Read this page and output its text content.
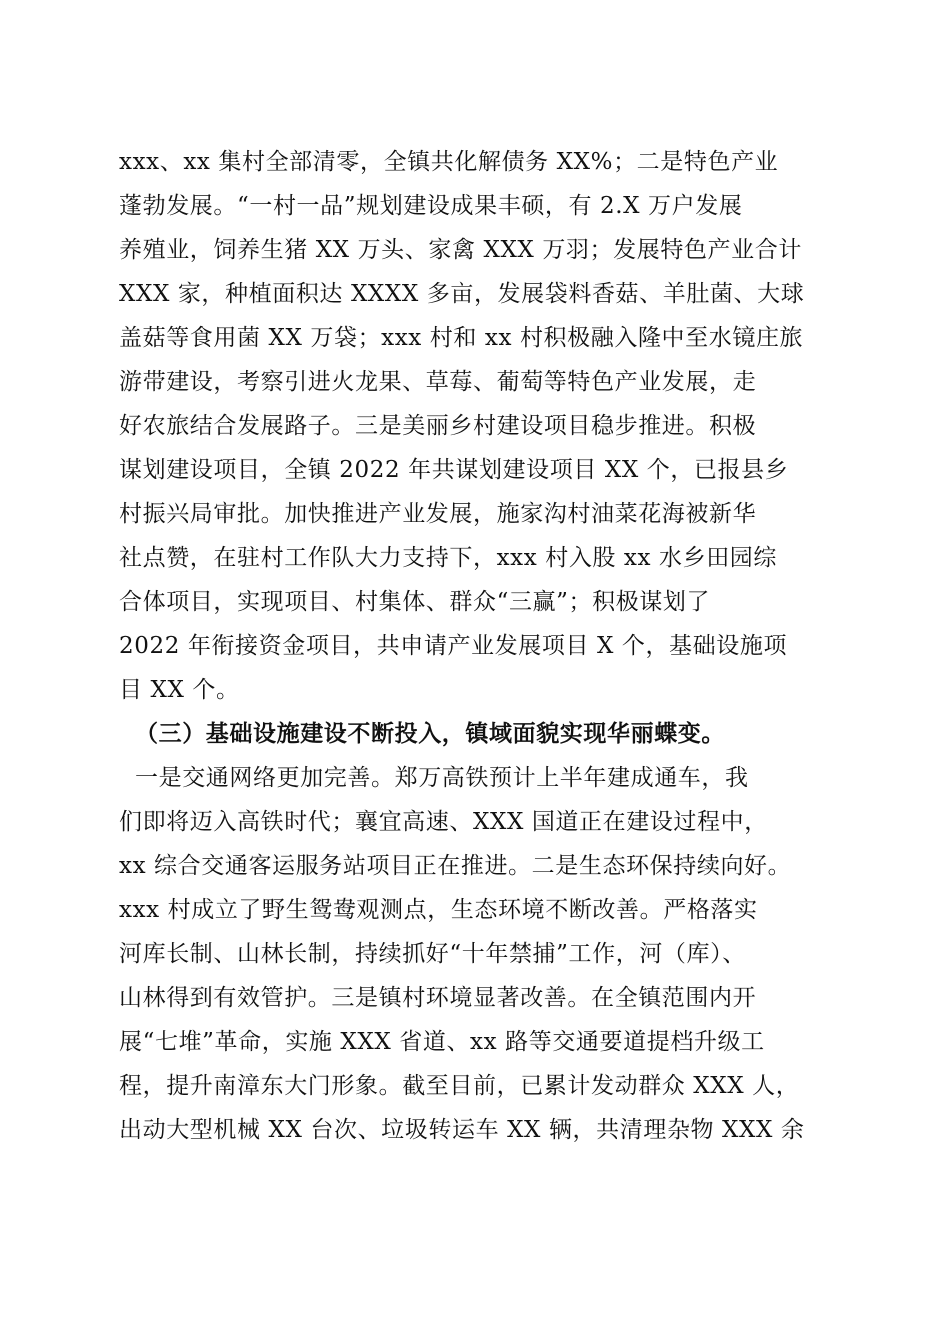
xxx、xx 集村全部清零，全镇共化解债务 XX%；二是特色产业
蓬勃发展。“一村一品”规划建设成果丰硕，有 2.X 万户发展
养殖业，饲养生猪 XX 万头、家禽 XXX 万羽；发展特色产业合计
XXX 家，种植面积达 XXXX 多亩，发展袋料香菇、羊肚菌、大球
盖菇等食用菌 XX 万袋；xxx 村和 xx 村积极融入隆中至水镜庄旅
游带建设，考察引进火龙果、草莓、葡萄等特色产业发展，走
好农旅结合发展路子。三是美丽乡村建设项目稳步推进。积极
谋划建设项目，全镇 2022 年共谋划建设项目 XX 个，已报县乡
村振兴局审批。加快推进产业发展，施家沟村油菜花海被新华
社点赞，在驻村工作队大力支持下，xxx 村入股 xx 水乡田园综
合体项目，实现项目、村集体、群众“三赢”；积极谋划了
2022 年衔接资金项目，共申请产业发展项目 X 个，基础设施项
目 XX 个。
（三）基础设施建设不断投入，镇域面貌实现华丽蝶变。
一是交通网络更加完善。郑万高铁预计上半年建成通车，我
们即将迈入高铁时代；襄宜高速、XXX 国道正在建设过程中，
xx 综合交通客运服务站项目正在推进。二是生态环保持续向好。
xxx 村成立了野生鸳鸯观测点，生态环境不断改善。严格落实
河库长制、山林长制，持续抓好“十年禁捕”工作，河（库）、
山林得到有效管护。三是镇村环境显著改善。在全镇范围内开
展“七堆”革命，实施 XXX 省道、xx 路等交通要道提档升级工
程，提升南漳东大门形象。截至目前，已累计发动群众 XXX 人，
出动大型机械 XX 台次、垃圾转运车 XX 辆，共清理杂物 XXX 余
